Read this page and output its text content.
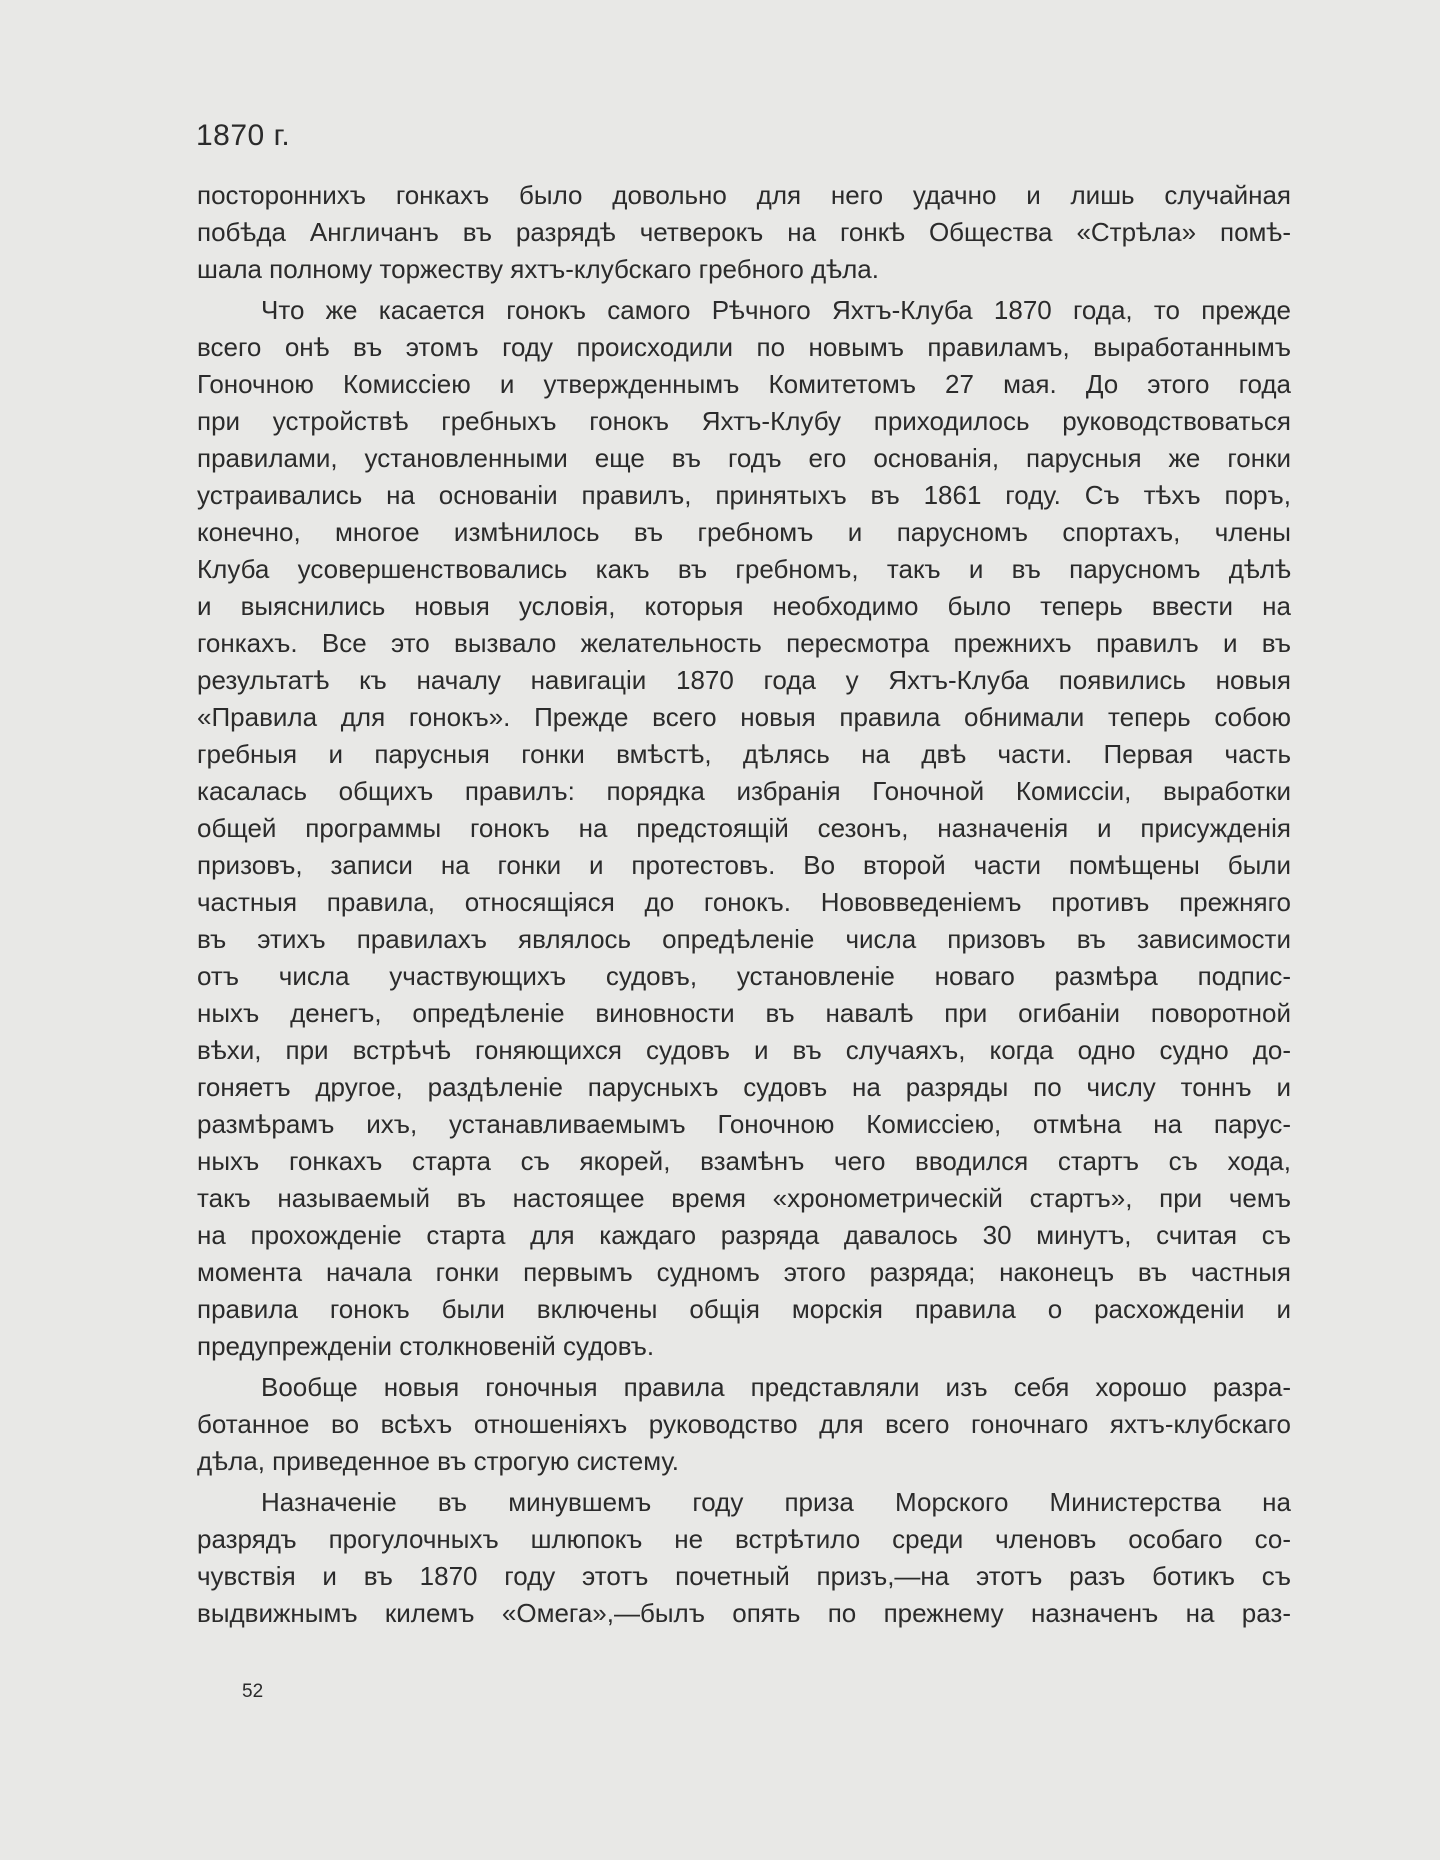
1870 г.
постороннихъ гонкахъ было довольно для него удачно и лишь случайная
побѣда Англичанъ въ разрядѣ четверокъ на гонкѣ Общества «Стрѣла» помѣ-
шала полному торжеству яхтъ-клубскаго гребного дѣла.
Что же касается гонокъ самого Рѣчного Яхтъ-Клуба 1870 года, то прежде
всего онѣ въ этомъ году происходили по новымъ правиламъ, выработаннымъ
Гоночною Комиссіею и утвержденнымъ Комитетомъ 27 мая. До этого года
при устройствѣ гребныхъ гонокъ Яхтъ-Клубу приходилось руководствоваться
правилами, установленными еще въ годъ его основанія, парусныя же гонки
устраивались на основаніи правилъ, принятыхъ въ 1861 году. Съ тѣхъ поръ,
конечно, многое измѣнилось въ гребномъ и парусномъ спортахъ, члены
Клуба усовершенствовались какъ въ гребномъ, такъ и въ парусномъ дѣлѣ
и выяснились новыя условія, которыя необходимо было теперь ввести на
гонкахъ. Все это вызвало желательность пересмотра прежнихъ правилъ и въ
результатѣ къ началу навигаціи 1870 года у Яхтъ-Клуба появились новыя
«Правила для гонокъ». Прежде всего новыя правила обнимали теперь собою
гребныя и парусныя гонки вмѣстѣ, дѣлясь на двѣ части. Первая часть
касалась общихъ правилъ: порядка избранія Гоночной Комиссіи, выработки
общей программы гонокъ на предстоящій сезонъ, назначенія и присужденія
призовъ, записи на гонки и протестовъ. Во второй части помѣщены были
частныя правила, относящіяся до гонокъ. Нововведеніемъ противъ прежняго
въ этихъ правилахъ являлось опредѣленіе числа призовъ въ зависимости
отъ числа участвующихъ судовъ, установленіе новаго размѣра подпис-
ныхъ денегъ, опредѣленіе виновности въ навалѣ при огибаніи поворотной
вѣхи, при встрѣчѣ гоняющихся судовъ и въ случаяхъ, когда одно судно до-
гоняетъ другое, раздѣленіе парусныхъ судовъ на разряды по числу тоннъ и
размѣрамъ ихъ, устанавливаемымъ Гоночною Комиссіею, отмѣна на парус-
ныхъ гонкахъ старта съ якорей, взамѣнъ чего вводился стартъ съ хода,
такъ называемый въ настоящее время «хронометрическій стартъ», при чемъ
на прохожденіе старта для каждаго разряда давалось 30 минутъ, считая съ
момента начала гонки первымъ судномъ этого разряда; наконецъ въ частныя
правила гонокъ были включены общія морскія правила о расхожденіи и
предупрежденіи столкновеній судовъ.
Вообще новыя гоночныя правила представляли изъ себя хорошо разра-
ботанное во всѣхъ отношеніяхъ руководство для всего гоночнаго яхтъ-клубскаго
дѣла, приведенное въ строгую систему.
Назначеніе въ минувшемъ году приза Морского Министерства на
разрядъ прогулочныхъ шлюпокъ не встрѣтило среди членовъ особаго со-
чувствія и въ 1870 году этотъ почетный призъ,—на этотъ разъ ботикъ съ
выдвижнымъ килемъ «Омега»,—былъ опять по прежнему назначенъ на раз-
52
